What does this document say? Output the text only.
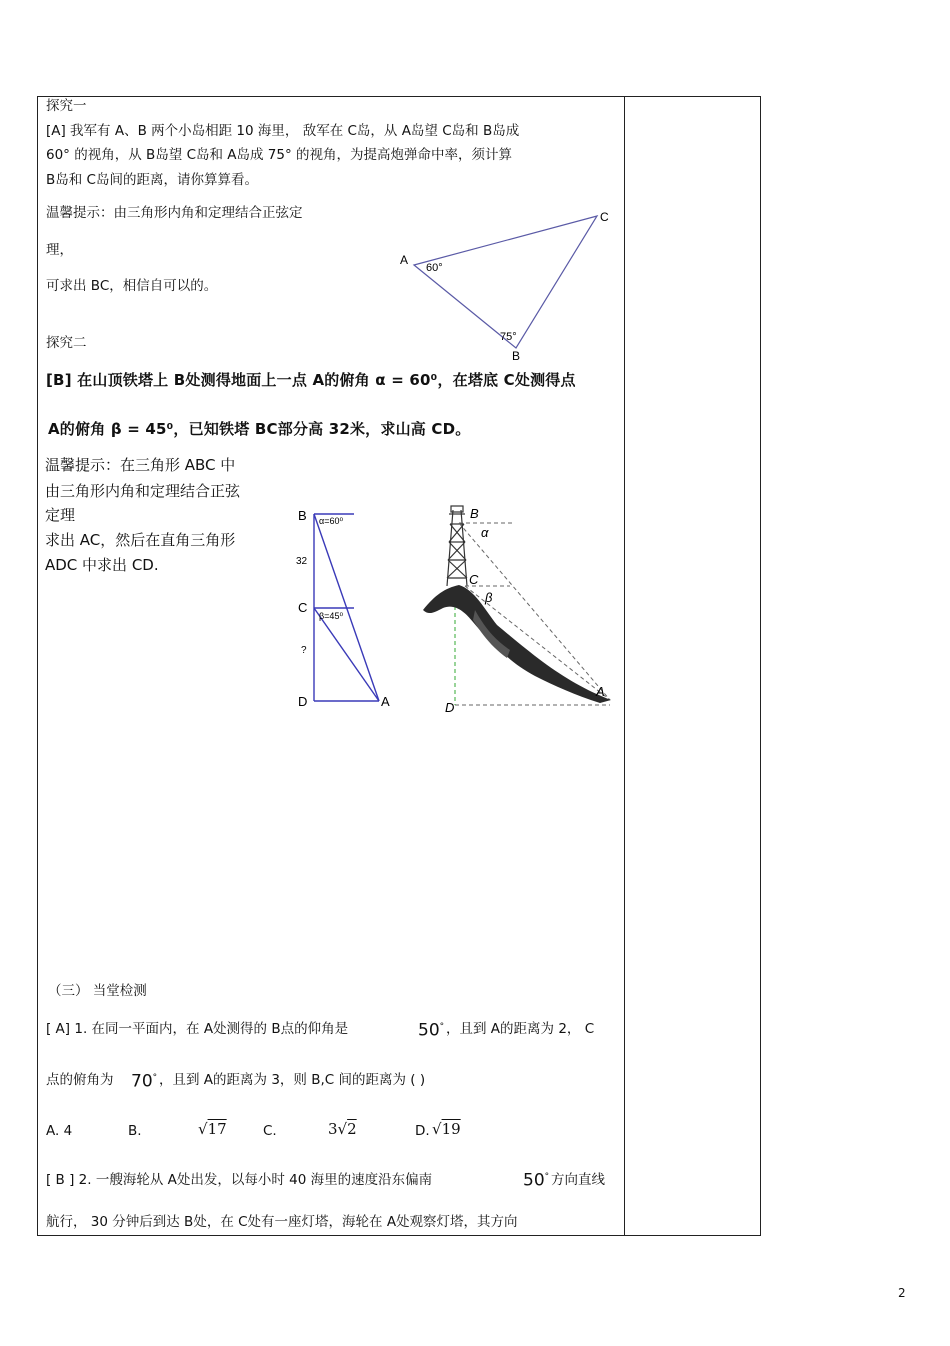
探究一
[A] 我军有 A、B 两个小岛相距 10 海里， 敌军在 C岛，从 A岛望 C岛和 B岛成
60° 的视角，从 B岛望 C岛和 A岛成 75° 的视角，为提高炮弹命中率，须计算
B岛和 C岛间的距离，请你算算看。
温馨提示：由三角形内角和定理结合正弦定
理，
可求出 BC，相信自可以的。
A
C
B
60°
75°
探究二
[B] 在山顶铁塔上 B处测得地面上一点 A的俯角 α = 60⁰，在塔底 C处测得点
A的俯角 β = 45⁰，已知铁塔 BC部分高 32米，求山高 CD。
温馨提示：在三角形 ABC 中
由三角形内角和定理结合正弦
定理
求出 AC，然后在直角三角形
ADC 中求出 CD.
B
C
D	A
32
?
α=60⁰
β=45⁰
B
α
C
β
D
A
（三） 当堂检测
[ A] 1. 在同一平面内，在 A处测得的 B点的仰角是	50° ，且到 A的距离为 2， C
点的俯角为 70° ，且到 A的距离为 3，则 B,C 间的距离为 ( )
A. 4	B.	√17	C.	3√2	D. √19
[ B ] 2. 一艘海轮从 A处出发，以每小时 40 海里的速度沿东偏南	50° 方向直线
航行， 30 分钟后到达 B处，在 C处有一座灯塔，海轮在 A处观察灯塔，其方向
2
